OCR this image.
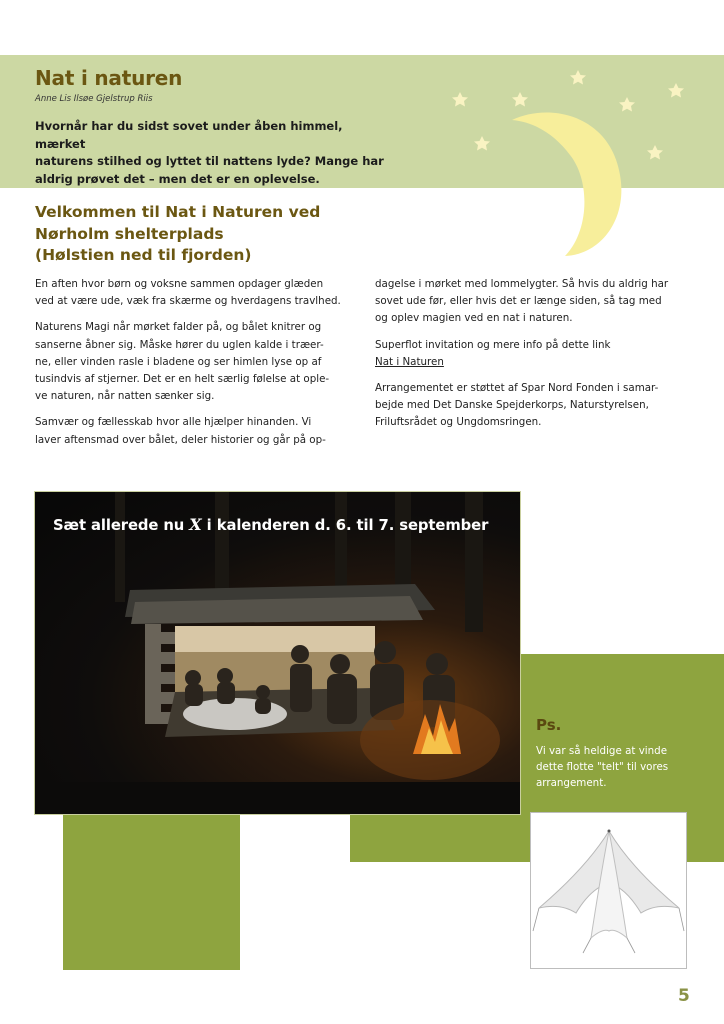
Nat i naturen
Anne Lis Ilsøe Gjelstrup Riis
Hvornår har du sidst sovet under åben himmel, mærket
naturens stilhed og lyttet til nattens lyde? Mange har
aldrig prøvet det – men det er en oplevelse.
Velkommen til Nat i Naturen ved
Nørholm shelterplads
(Hølstien ned til fjorden)

En aften hvor børn og voksne sammen opdager glæden
ved at være ude, væk fra skærme og hverdagens travlhed.

Naturens Magi når mørket falder på, og bålet knitrer og
sanserne åbner sig. Måske hører du uglen kalde i træer-
ne, eller vinden rasle i bladene og ser himlen lyse op af
tusindvis af stjerner. Det er en helt særlig følelse at ople-
ve naturen, når natten sænker sig.

Samvær og fællesskab hvor alle hjælper hinanden. Vi
laver aftensmad over bålet, deler historier og går på op-

dagelse i mørket med lommelygter. Så hvis du aldrig har
sovet ude før, eller hvis det er længe siden, så tag med
og oplev magien ved en nat i naturen.

Superflot invitation og mere info på dette link
Nat i Naturen

Arrangementet er støttet af Spar Nord Fonden i samar-
bejde med Det Danske Spejderkorps, Naturstyrelsen,
Friluftsrådet og Ungdomsringen.

Sæt allerede nu X i kalenderen d. 6. til 7. september
Ps.
Vi var så heldige at vinde
dette flotte "telt" til vores
arrangement.
5
